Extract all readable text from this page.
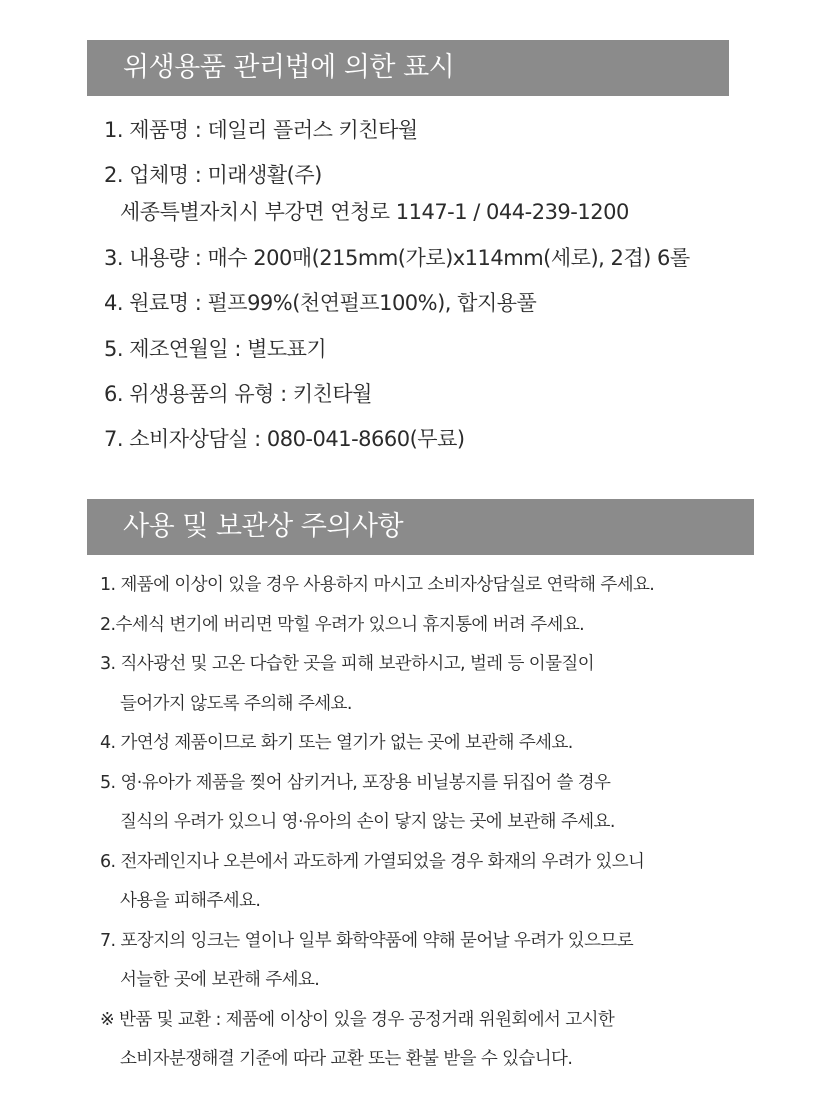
위생용품 관리법에 의한 표시
1. 제품명 : 데일리 플러스 키친타월
2. 업체명 : 미래생활(주)
세종특별자치시 부강면 연청로 1147-1 / 044-239-1200
3. 내용량 : 매수 200매(215mm(가로)x114mm(세로), 2겹) 6롤
4. 원료명 : 펄프99%(천연펄프100%), 합지용풀
5. 제조연월일 : 별도표기
6. 위생용품의 유형 : 키친타월
7. 소비자상담실 : 080-041-8660(무료)
사용 및 보관상 주의사항
1. 제품에 이상이 있을 경우 사용하지 마시고 소비자상담실로 연락해 주세요.
2.수세식 변기에 버리면 막힐 우려가 있으니 휴지통에 버려 주세요.
3. 직사광선 및 고온 다습한 곳을 피해 보관하시고, 벌레 등 이물질이
들어가지 않도록 주의해 주세요.
4. 가연성 제품이므로 화기 또는 열기가 없는 곳에 보관해 주세요.
5. 영·유아가 제품을 찢어 삼키거나, 포장용 비닐봉지를 뒤집어 쓸 경우
질식의 우려가 있으니 영·유아의 손이 닿지 않는 곳에 보관해 주세요.
6. 전자레인지나 오븐에서 과도하게 가열되었을 경우 화재의 우려가 있으니
사용을 피해주세요.
7. 포장지의 잉크는 열이나 일부 화학약품에 약해 묻어날 우려가 있으므로
서늘한 곳에 보관해 주세요.
※ 반품 및 교환 : 제품에 이상이 있을 경우 공정거래 위원회에서 고시한
소비자분쟁해결 기준에 따라 교환 또는 환불 받을 수 있습니다.
